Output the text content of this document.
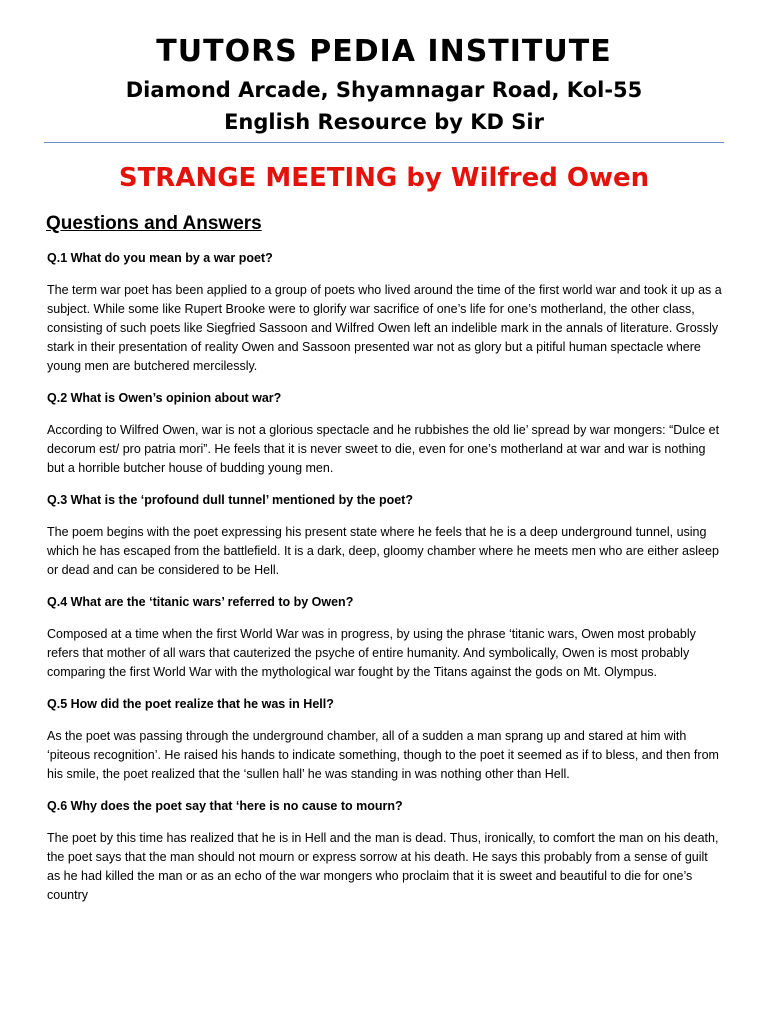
TUTORS PEDIA INSTITUTE
Diamond Arcade, Shyamnagar Road, Kol-55
English Resource by KD Sir
STRANGE MEETING by Wilfred Owen
Questions and Answers

Q.1 What do you mean by a war poet?

The term war poet has been applied to a group of poets who lived around the time of the first world war and took it up as a subject. While some like Rupert Brooke were to glorify war sacrifice of one’s life for one’s motherland, the other class, consisting of such poets like Siegfried Sassoon and Wilfred Owen left an indelible mark in the annals of literature. Grossly stark in their presentation of reality Owen and Sassoon presented war not as glory but a pitiful human spectacle where young men are butchered mercilessly.

Q.2 What is Owen’s opinion about war?

According to Wilfred Owen, war is not a glorious spectacle and he rubbishes the old lie’ spread by war mongers: “Dulce et decorum est/ pro patria mori”. He feels that it is never sweet to die, even for one’s motherland at war and war is nothing but a horrible butcher house of budding young men.

Q.3 What is the ‘profound dull tunnel’ mentioned by the poet?

The poem begins with the poet expressing his present state where he feels that he is a deep underground tunnel, using which he has escaped from the battlefield. It is a dark, deep, gloomy chamber where he meets men who are either asleep or dead and can be considered to be Hell.

Q.4 What are the ‘titanic wars’ referred to by Owen?

Composed at a time when the first World War was in progress, by using the phrase ‘titanic wars, Owen most probably refers that mother of all wars that cauterized the psyche of entire humanity. And symbolically, Owen is most probably comparing the first World War with the mythological war fought by the Titans against the gods on Mt. Olympus.

Q.5 How did the poet realize that he was in Hell?

As the poet was passing through the underground chamber, all of a sudden a man sprang up and stared at him with ‘piteous recognition’. He raised his hands to indicate something, though to the poet it seemed as if to bless, and then from his smile, the poet realized that the ‘sullen hall’ he was standing in was nothing other than Hell.

Q.6 Why does the poet say that ‘here is no cause to mourn?

The poet by this time has realized that he is in Hell and the man is dead. Thus, ironically, to comfort the man on his death, the poet says that the man should not mourn or express sorrow at his death. He says this probably from a sense of guilt as he had killed the man or as an echo of the war mongers who proclaim that it is sweet and beautiful to die for one’s country
